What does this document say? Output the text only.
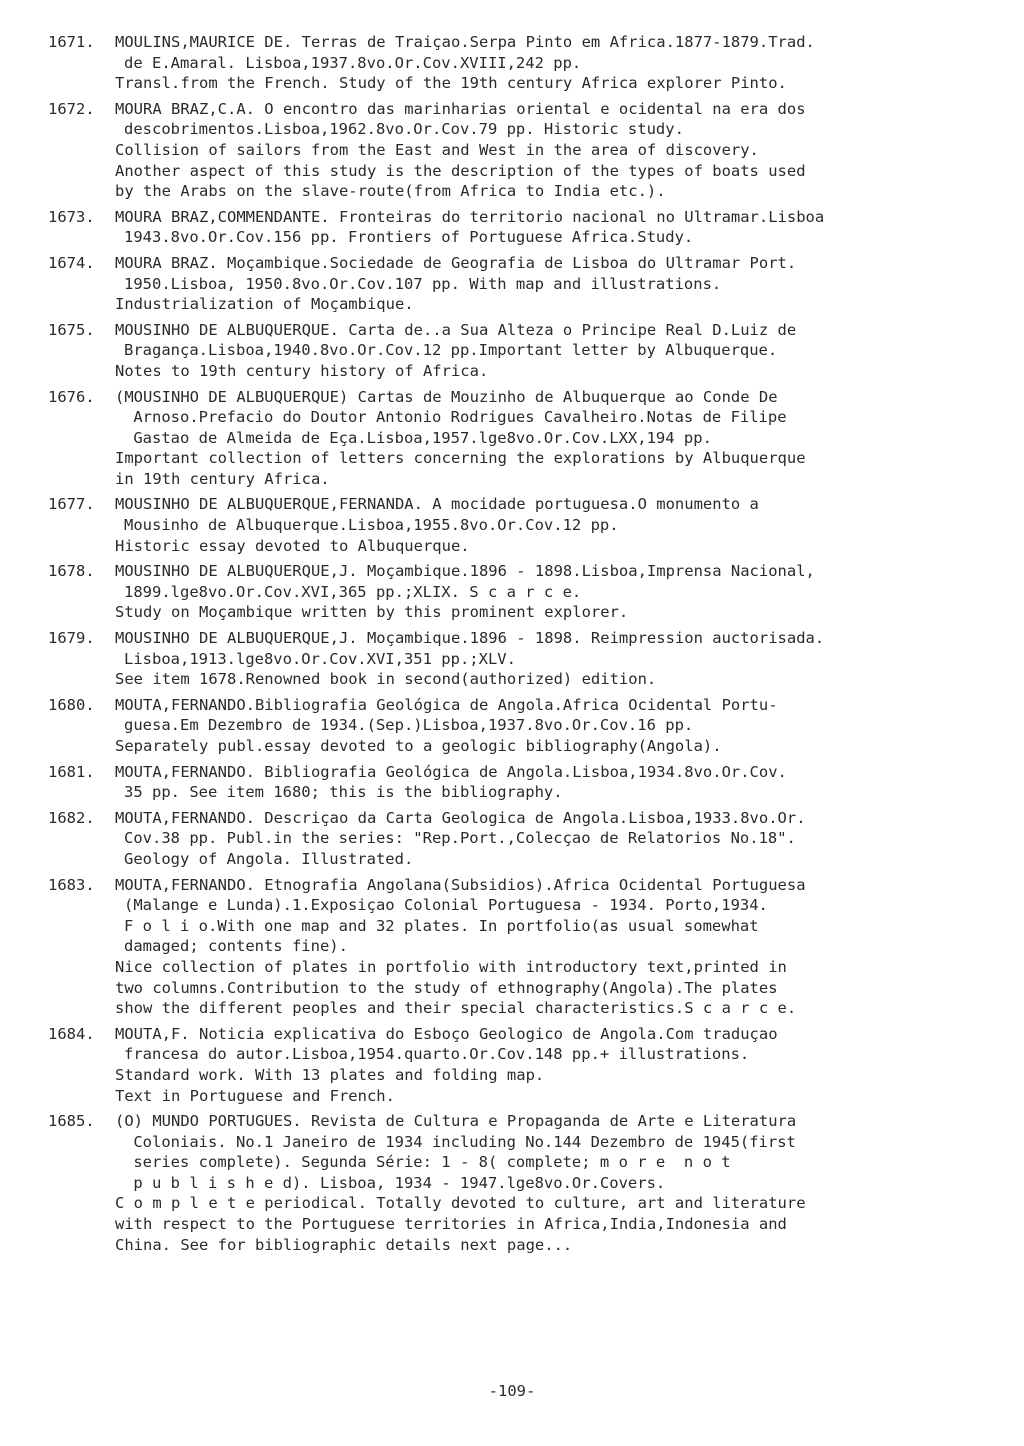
1671.	MOULINS,MAURICE DE. Terras de Traiçao.Serpa Pinto em Africa.1877-1879.Trad.
de E.Amaral. Lisboa,1937.8vo.Or.Cov.XVIII,242 pp.
Transl.from the French. Study of the 19th century Africa explorer Pinto.
1672.	MOURA BRAZ,C.A. O encontro das marinharias oriental e ocidental na era dos
descobrimentos.Lisboa,1962.8vo.Or.Cov.79 pp. Historic study.
Collision of sailors from the East and West in the area of discovery.
Another aspect of this study is the description of the types of boats used
by the Arabs on the slave-route(from Africa to India etc.).
1673.	MOURA BRAZ,COMMENDANTE. Fronteiras do territorio nacional no Ultramar.Lisboa
1943.8vo.Or.Cov.156 pp. Frontiers of Portuguese Africa.Study.
1674.	MOURA BRAZ. Moçambique.Sociedade de Geografia de Lisboa do Ultramar Port.
1950.Lisboa, 1950.8vo.Or.Cov.107 pp. With map and illustrations.
Industrialization of Moçambique.
1675.	MOUSINHO DE ALBUQUERQUE. Carta de..a Sua Alteza o Principe Real D.Luiz de
Bragança.Lisboa,1940.8vo.Or.Cov.12 pp.Important letter by Albuquerque.
Notes to 19th century history of Africa.
1676.	(MOUSINHO DE ALBUQUERQUE) Cartas de Mouzinho de Albuquerque ao Conde De
Arnoso.Prefacio do Doutor Antonio Rodrigues Cavalheiro.Notas de Filipe
Gastao de Almeida de Eça.Lisboa,1957.lge8vo.Or.Cov.LXX,194 pp.
Important collection of letters concerning the explorations by Albuquerque
in 19th century Africa.
1677.	MOUSINHO DE ALBUQUERQUE,FERNANDA. A mocidade portuguesa.O monumento a
Mousinho de Albuquerque.Lisboa,1955.8vo.Or.Cov.12 pp.
Historic essay devoted to Albuquerque.
1678.	MOUSINHO DE ALBUQUERQUE,J. Moçambique.1896 - 1898.Lisboa,Imprensa Nacional,
1899.lge8vo.Or.Cov.XVI,365 pp.;XLIX. S c a r c e.
Study on Moçambique written by this prominent explorer.
1679.	MOUSINHO DE ALBUQUERQUE,J. Moçambique.1896 - 1898. Reimpression auctorisada.
Lisboa,1913.lge8vo.Or.Cov.XVI,351 pp.;XLV.
See item 1678.Renowned book in second(authorized) edition.
1680.	MOUTA,FERNANDO.Bibliografia Geológica de Angola.Africa Ocidental Portu-
guesa.Em Dezembro de 1934.(Sep.)Lisboa,1937.8vo.Or.Cov.16 pp.
Separately publ.essay devoted to a geologic bibliography(Angola).
1681.	MOUTA,FERNANDO. Bibliografia Geológica de Angola.Lisboa,1934.8vo.Or.Cov.
35 pp. See item 1680; this is the bibliography.
1682.	MOUTA,FERNANDO. Descriçao da Carta Geologica de Angola.Lisboa,1933.8vo.Or.
Cov.38 pp. Publ.in the series: "Rep.Port.,Colecçao de Relatorios No.18".
Geology of Angola. Illustrated.
1683.	MOUTA,FERNANDO. Etnografia Angolana(Subsidios).Africa Ocidental Portuguesa
(Malange e Lunda).1.Exposiçao Colonial Portuguesa - 1934. Porto,1934.
F o l i o.With one map and 32 plates. In portfolio(as usual somewhat
damaged; contents fine).
Nice collection of plates in portfolio with introductory text,printed in
two columns.Contribution to the study of ethnography(Angola).The plates
show the different peoples and their special characteristics.S c a r c e.
1684.	MOUTA,F. Noticia explicativa do Esboço Geologico de Angola.Com traduçao
francesa do autor.Lisboa,1954.quarto.Or.Cov.148 pp.+ illustrations.
Standard work. With 13 plates and folding map.
Text in Portuguese and French.
1685.	(O) MUNDO PORTUGUES. Revista de Cultura e Propaganda de Arte e Literatura
Coloniais. No.1 Janeiro de 1934 including No.144 Dezembro de 1945(first
series complete). Segunda Série: 1 - 8( complete; m o r e  n o t
p u b l i s h e d). Lisboa, 1934 - 1947.lge8vo.Or.Covers.
C o m p l e t e periodical. Totally devoted to culture, art and literature
with respect to the Portuguese territories in Africa,India,Indonesia and
China. See for bibliographic details next page...
-109-
